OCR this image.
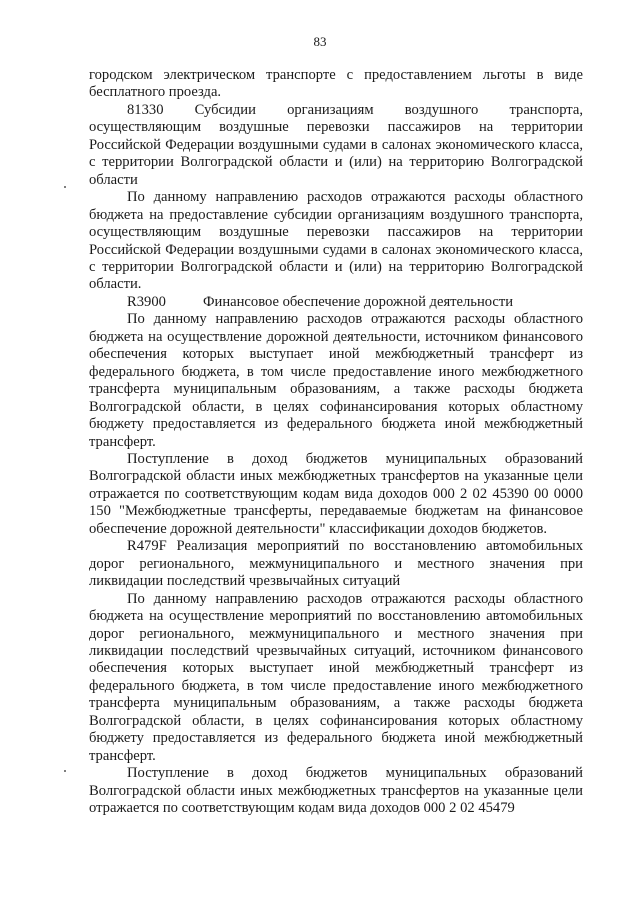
83

городском электрическом транспорте с предоставлением льготы в виде бесплатного проезда.

81330 Субсидии организациям воздушного транспорта, осуществляющим воздушные перевозки пассажиров на территории Российской Федерации воздушными судами в салонах экономического класса, с территории Волгоградской области и (или) на территорию Волгоградской области

По данному направлению расходов отражаются расходы областного бюджета на предоставление субсидии организациям воздушного транспорта, осуществляющим воздушные перевозки пассажиров на территории Российской Федерации воздушными судами в салонах экономического класса, с территории Волгоградской области и (или) на территорию Волгоградской области.

R3900	Финансовое обеспечение дорожной деятельности

По данному направлению расходов отражаются расходы областного бюджета на осуществление дорожной деятельности, источником финансового обеспечения которых выступает иной межбюджетный трансферт из федерального бюджета, в том числе предоставление иного межбюджетного трансферта муниципальным образованиям, а также расходы бюджета Волгоградской области, в целях софинансирования которых областному бюджету предоставляется из федерального бюджета иной межбюджетный трансферт.

Поступление в доход бюджетов муниципальных образований Волгоградской области иных межбюджетных трансфертов на указанные цели отражается по соответствующим кодам вида доходов 000 2 02 45390 00 0000 150 "Межбюджетные трансферты, передаваемые бюджетам на финансовое обеспечение дорожной деятельности" классификации доходов бюджетов.

R479F Реализация мероприятий по восстановлению автомобильных дорог регионального, межмуниципального и местного значения при ликвидации последствий чрезвычайных ситуаций

По данному направлению расходов отражаются расходы областного бюджета на осуществление мероприятий по восстановлению автомобильных дорог регионального, межмуниципального и местного значения при ликвидации последствий чрезвычайных ситуаций, источником финансового обеспечения которых выступает иной межбюджетный трансферт из федерального бюджета, в том числе предоставление иного межбюджетного трансферта муниципальным образованиям, а также расходы бюджета Волгоградской области, в целях софинансирования которых областному бюджету предоставляется из федерального бюджета иной межбюджетный трансферт.

Поступление в доход бюджетов муниципальных образований Волгоградской области иных межбюджетных трансфертов на указанные цели отражается по соответствующим кодам вида доходов 000 2 02 45479
